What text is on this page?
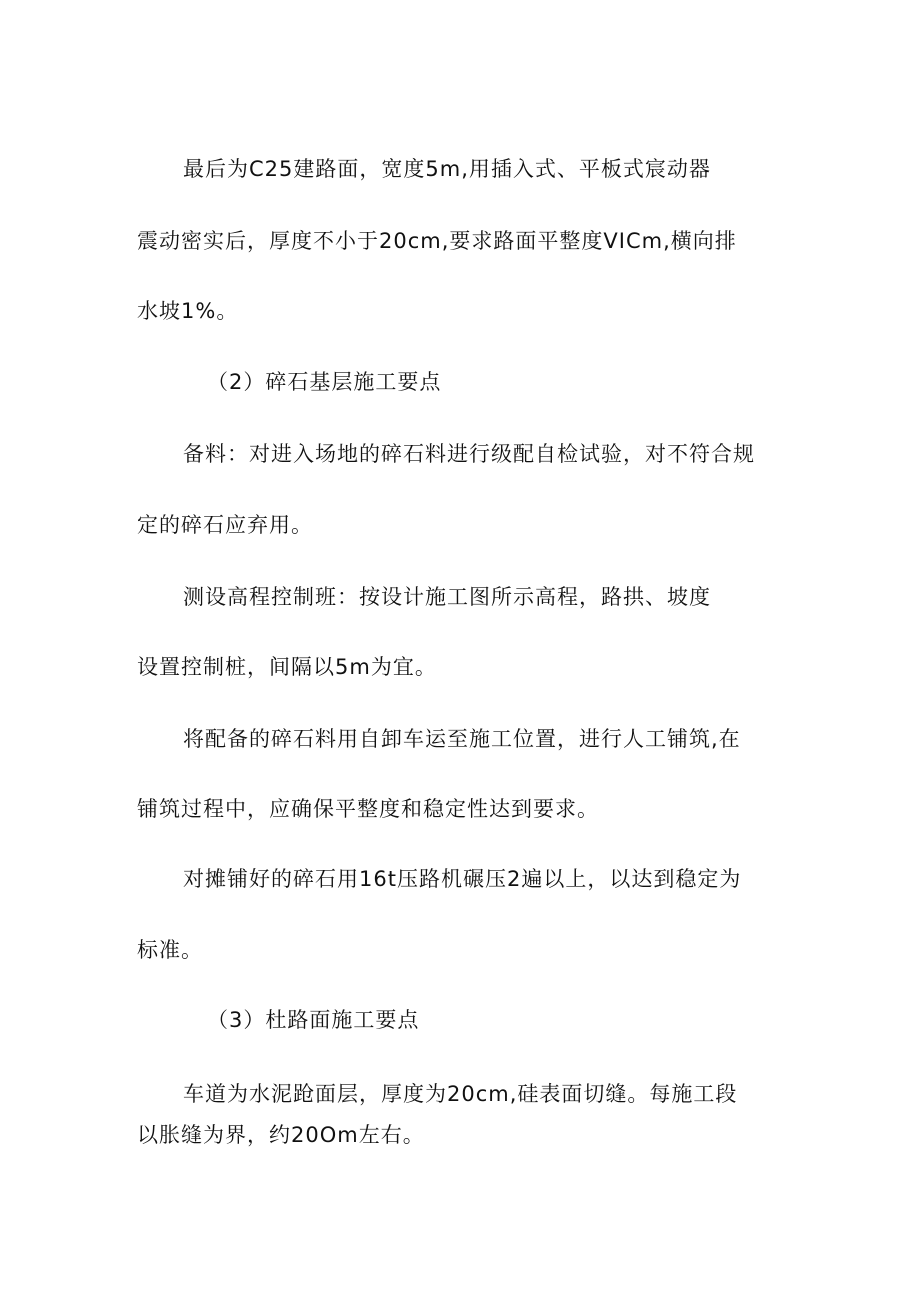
最后为C25建路面，宽度5m,用插入式、平板式宸动器
震动密实后，厚度不小于20cm,要求路面平整度VICm,横向排
水坡1%。
（2）碎石基层施工要点
备料：对进入场地的碎石料进行级配自检试验，对不符合规
定的碎石应弃用。
测设高程控制班：按设计施工图所示高程，路拱、坡度
设置控制桩，间隔以5m为宜。
将配备的碎石料用自卸车运至施工位置，进行人工铺筑,在
铺筑过程中，应确保平整度和稳定性达到要求。
对摊铺好的碎石用16t压路机碾压2遍以上，以达到稳定为
标准。
（3）杜路面施工要点
车道为水泥跄面层，厚度为20cm,硅表面切缝。每施工段
以胀缝为界，约20Om左右。
